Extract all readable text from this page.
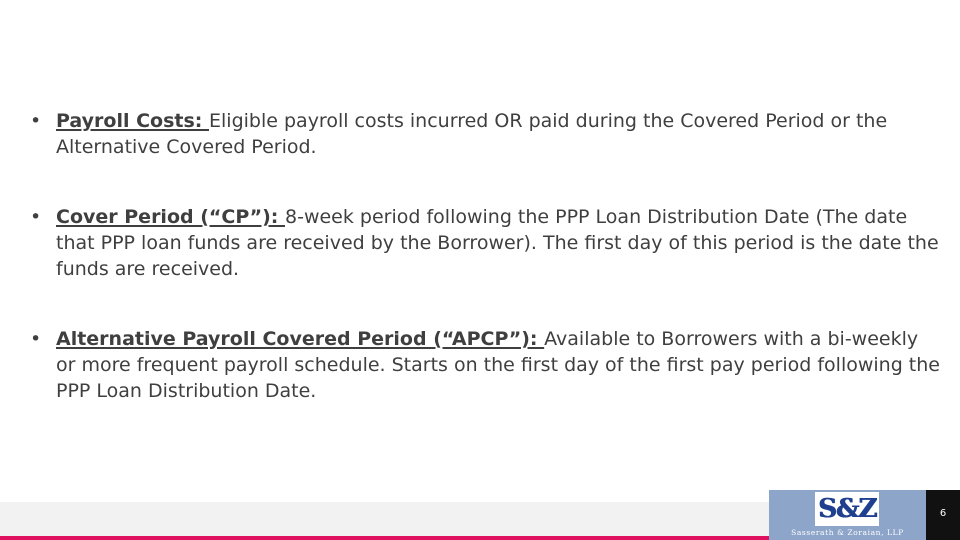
• Payroll Costs: Eligible payroll costs incurred OR paid during the Covered Period or the Alternative Covered Period.
• Cover Period (“CP”): 8-week period following the PPP Loan Distribution Date (The date that PPP loan funds are received by the Borrower). The first day of this period is the date the funds are received.
• Alternative Payroll Covered Period (“APCP”): Available to Borrowers with a bi-weekly or more frequent payroll schedule. Starts on the first day of the first pay period following the PPP Loan Distribution Date.
S&Z
Sasserath & Zoraian, LLP
6
